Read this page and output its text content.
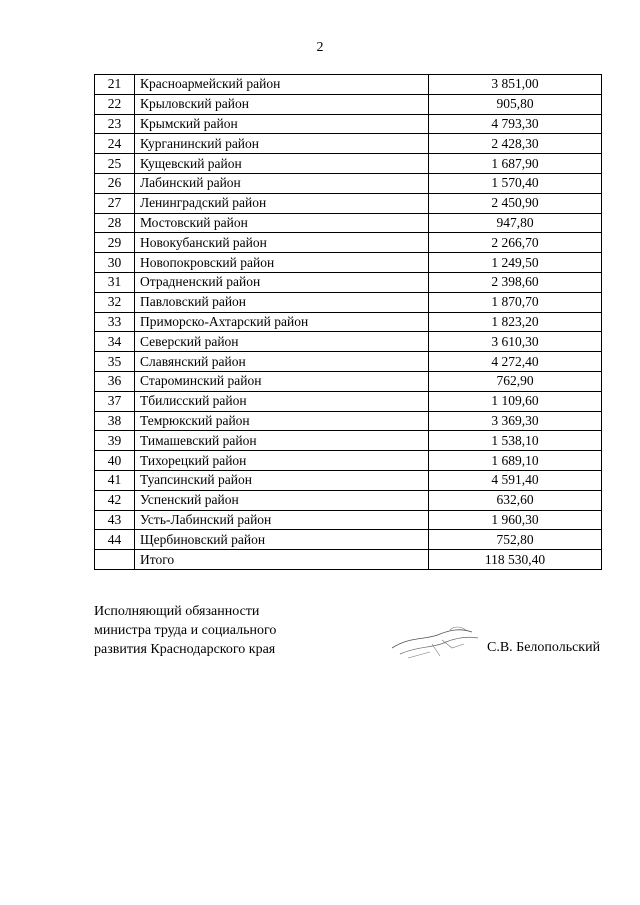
2
21	Красноармейский район	3 851,00
22	Крыловский район	905,80
23	Крымский район	4 793,30
24	Курганинский район	2 428,30
25	Кущевский район	1 687,90
26	Лабинский район	1 570,40
27	Ленинградский район	2 450,90
28	Мостовский район	947,80
29	Новокубанский район	2 266,70
30	Новопокровский район	1 249,50
31	Отрадненский район	2 398,60
32	Павловский район	1 870,70
33	Приморско-Ахтарский район	1 823,20
34	Северский район	3 610,30
35	Славянский район	4 272,40
36	Староминский район	762,90
37	Тбилисский район	1 109,60
38	Темрюкский район	3 369,30
39	Тимашевский район	1 538,10
40	Тихорецкий район	1 689,10
41	Туапсинский район	4 591,40
42	Успенский район	632,60
43	Усть-Лабинский район	1 960,30
44	Щербиновский район	752,80
	Итого	118 530,40
Исполняющий обязанности
министра труда и социального
развития Краснодарского края	С.В. Белопольский
